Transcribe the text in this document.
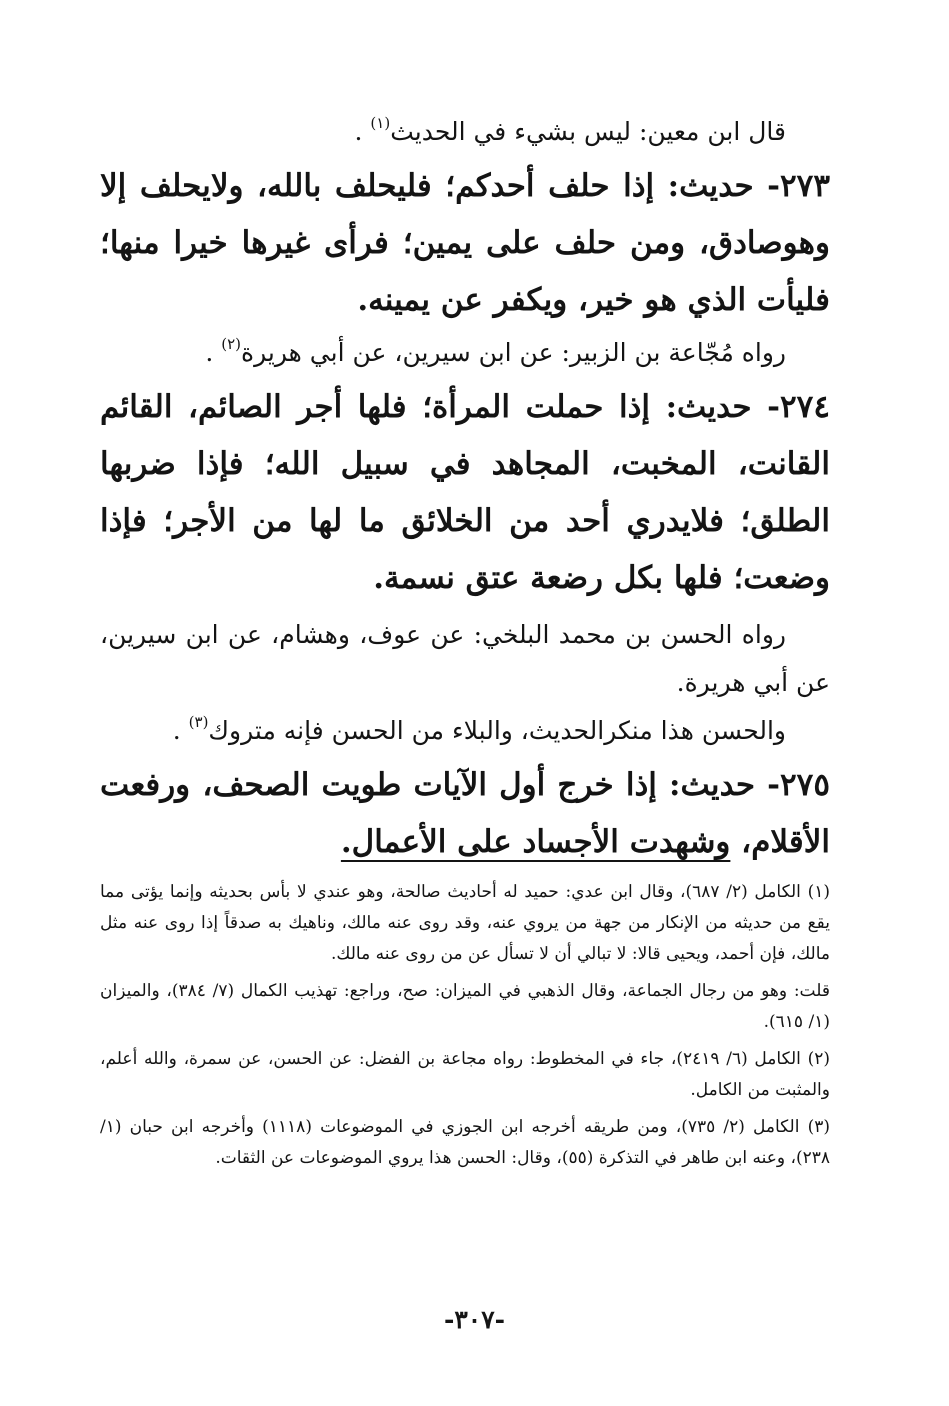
قال ابن معين: ليس بشيء في الحديث$^{(١)}$ .

٢٧٣- حديث: إذا حلف أحدكم؛ فليحلف بالله، ولايحلف إلا وهوصادق، ومن حلف على يمين؛ فرأى غيرها خيرا منها؛ فليأت الذي هو خير، ويكفر عن يمينه.

رواه مُجّاعة بن الزبير: عن ابن سيرين، عن أبي هريرة$^{(٢)}$ .

٢٧٤- حديث: إذا حملت المرأة؛ فلها أجر الصائم، القائم القانت، المخبت، المجاهد في سبيل الله؛ فإذا ضربها الطلق؛ فلايدري أحد من الخلائق ما لها من الأجر؛ فإذا وضعت؛ فلها بكل رضعة عتق نسمة.

رواه الحسن بن محمد البلخي: عن عوف، وهشام، عن ابن سيرين، عن أبي هريرة.

والحسن هذا منكرالحديث، والبلاء من الحسن فإنه متروك$^{(٣)}$ .

٢٧٥- حديث: إذا خرج أول الآيات طويت الصحف، ورفعت الأقلام، وشهدت الأجساد على الأعمال.

(١) الكامل (٢/ ٦٨٧)، وقال ابن عدي: حميد له أحاديث صالحة، وهو عندي لا بأس بحديثه وإنما يؤتى مما يقع من حديثه من الإنكار من جهة من يروي عنه، وقد روى عنه مالك، وناهيك به صدقاً إذا روى عنه مثل مالك، فإن أحمد، ويحيى قالا: لا تبالي أن لا تسأل عن من روى عنه مالك.

قلت: وهو من رجال الجماعة، وقال الذهبي في الميزان: صح، وراجع: تهذيب الكمال (٧/ ٣٨٤)، والميزان (١/ ٦١٥).

(٢) الكامل (٦/ ٢٤١٩)، جاء في المخطوط: رواه مجاعة بن الفضل: عن الحسن، عن سمرة، والله أعلم، والمثبت من الكامل.

(٣) الكامل (٢/ ٧٣٥)، ومن طريقه أخرجه ابن الجوزي في الموضوعات (١١١٨) وأخرجه ابن حبان (١/ ٢٣٨)، وعنه ابن طاهر في التذكرة (٥٥)، وقال: الحسن هذا يروي الموضوعات عن الثقات.

-٣٠٧-
